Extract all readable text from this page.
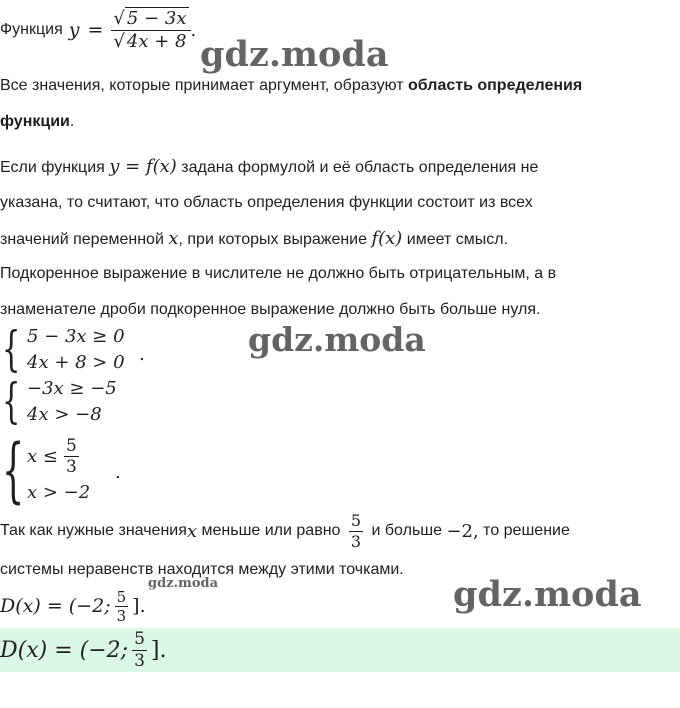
Функция $y = \frac{√ 5 - 3x}{√ 4x + 8}$ .
gdz.moda
gdz.moda
gdz.moda	gdz.moda
Все значения, которые принимает аргумент, образуют область определения
функции.
Если функция y = f(x) задана формулой и её область определения не
указана, то считают, что область определения функции состоит из всех
значений переменной x, при которых выражение f(x) имеет смысл.
Подкоренное выражение в числителе не должно быть отрицательным, а в
знаменателе дроби подкоренное выражение должно быть больше нуля.
{ 5 − 3x ≥ 0
4x + 8 > 0 .
{ −3x ≥ −5
4x > −8
{ $x \le \frac{5}{3}$
x > −2
.
Так как нужные значения x меньше или равно $\frac{5}{3}$ и больше −2, то решение
системы неравенств находится между этими точками.
D(x) = (−2; $\frac{5}{3}$ ].
D(x) = (−2; $\frac{5}{3}$ ].
